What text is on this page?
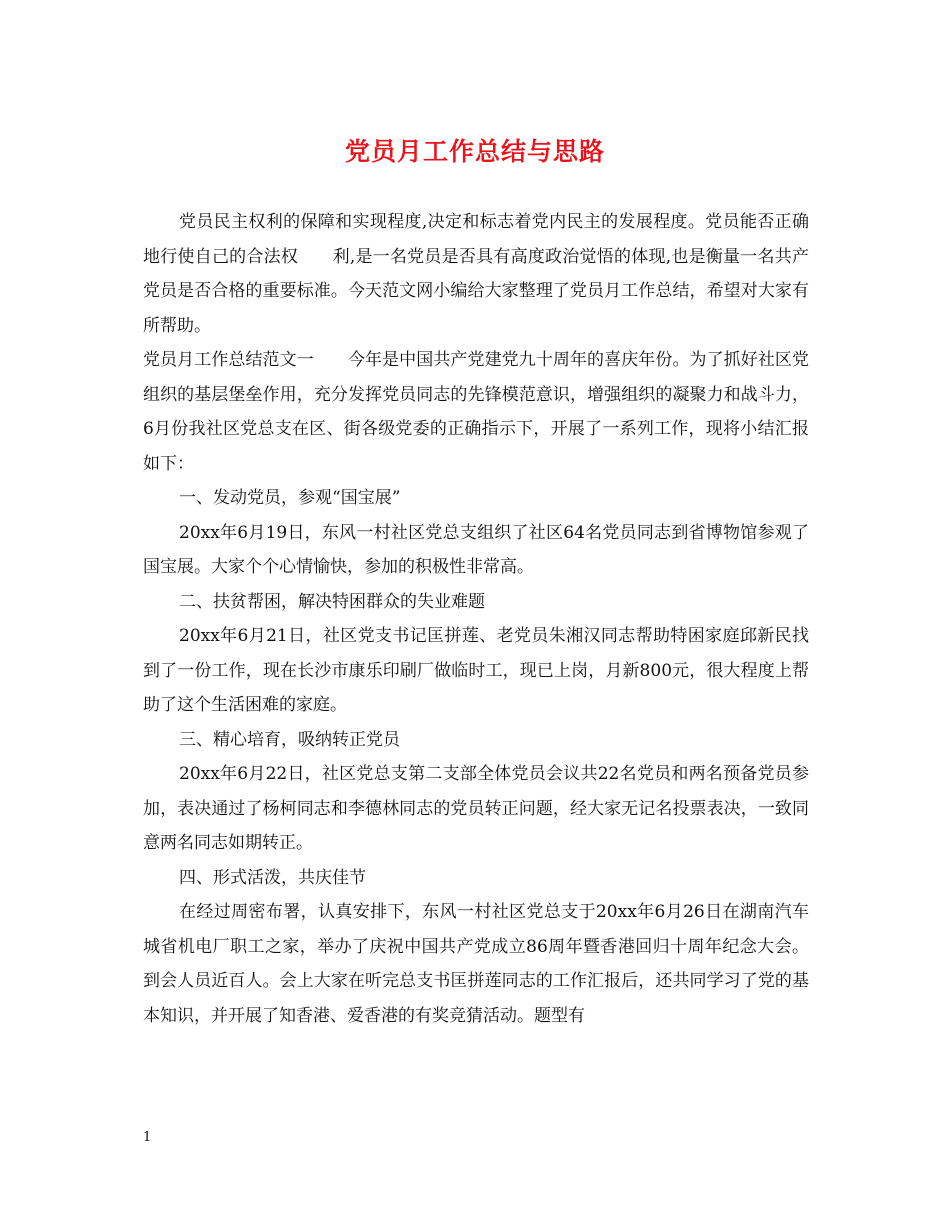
党员月工作总结与思路

党员民主权利的保障和实现程度,决定和标志着党内民主的发展程度。党员能否正确地行使自己的合法权　　利,是一名党员是否具有高度政治觉悟的体现,也是衡量一名共产党员是否合格的重要标准。今天范文网小编给大家整理了党员月工作总结，希望对大家有所帮助。

党员月工作总结范文一　　今年是中国共产党建党九十周年的喜庆年份。为了抓好社区党组织的基层堡垒作用，充分发挥党员同志的先锋模范意识，增强组织的凝聚力和战斗力，6月份我社区党总支在区、街各级党委的正确指示下，开展了一系列工作，现将小结汇报如下：

一、发动党员，参观“国宝展”

20xx年6月19日，东风一村社区党总支组织了社区64名党员同志到省博物馆参观了国宝展。大家个个心情愉快，参加的积极性非常高。

二、扶贫帮困，解决特困群众的失业难题

20xx年6月21日，社区党支书记匡拼莲、老党员朱湘汉同志帮助特困家庭邱新民找到了一份工作，现在长沙市康乐印刷厂做临时工，现已上岗，月新800元，很大程度上帮助了这个生活困难的家庭。

三、精心培育，吸纳转正党员

20xx年6月22日，社区党总支第二支部全体党员会议共22名党员和两名预备党员参加，表决通过了杨柯同志和李德林同志的党员转正问题，经大家无记名投票表决，一致同意两名同志如期转正。

四、形式活泼，共庆佳节

在经过周密布署，认真安排下，东风一村社区党总支于20xx年6月26日在湖南汽车城省机电厂职工之家，举办了庆祝中国共产党成立86周年暨香港回归十周年纪念大会。到会人员近百人。会上大家在听完总支书匡拼莲同志的工作汇报后，还共同学习了党的基本知识，并开展了知香港、爱香港的有奖竞猜活动。题型有

1
